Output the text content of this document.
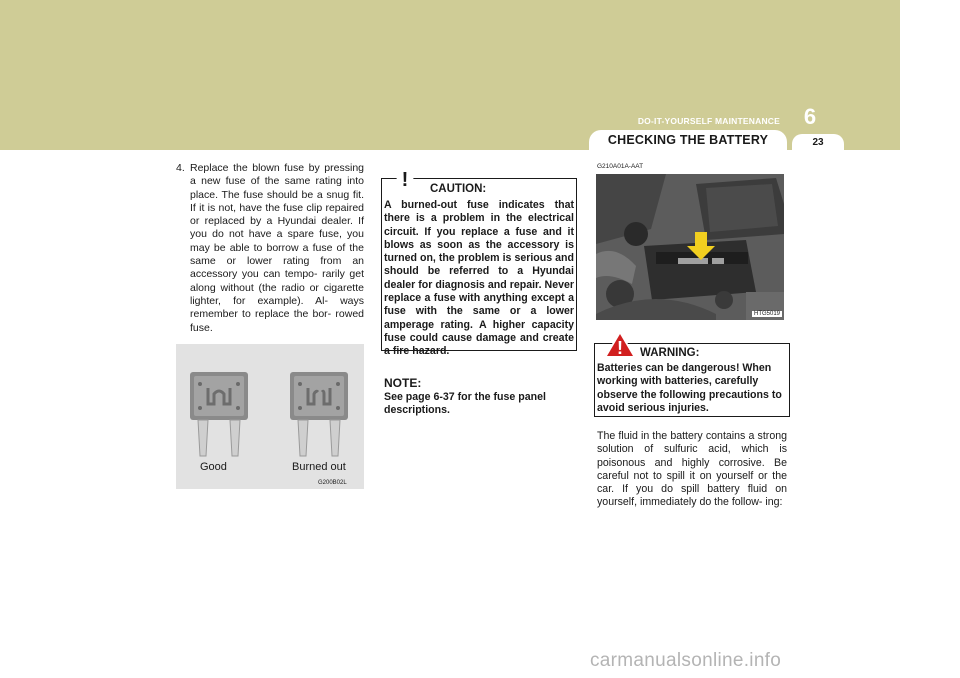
DO-IT-YOURSELF MAINTENANCE	6
CHECKING THE BATTERY	23
4. Replace the blown fuse by pressing a new fuse of the same rating into place. The fuse should be a snug fit. If it is not, have the fuse clip repaired or replaced by a Hyundai dealer. If you do not have a spare fuse, you may be able to borrow a fuse of the same or lower rating from an accessory you can tempo- rarily get along without (the radio or cigarette lighter, for example). Al- ways remember to replace the bor- rowed fuse.
Good	Burned out
G200B02L
! CAUTION:
A burned-out fuse indicates that there is a problem in the electrical circuit. If you replace a fuse and it blows as soon as the accessory is turned on, the problem is serious and should be referred to a Hyundai dealer for diagnosis and repair. Never replace a fuse with anything except a fuse with the same or a lower amperage rating. A higher capacity fuse could cause damage and create a fire hazard.
NOTE:
See page 6-37 for the fuse panel descriptions.
G210A01A-AAT
HTG5019
! WARNING:
Batteries can be dangerous! When working with batteries, carefully observe the following precautions to avoid serious injuries.
The fluid in the battery contains a strong solution of sulfuric acid, which is poisonous and highly corrosive. Be careful not to spill it on yourself or the car. If you do spill battery fluid on yourself, immediately do the follow- ing:
carmanualsonline.info
